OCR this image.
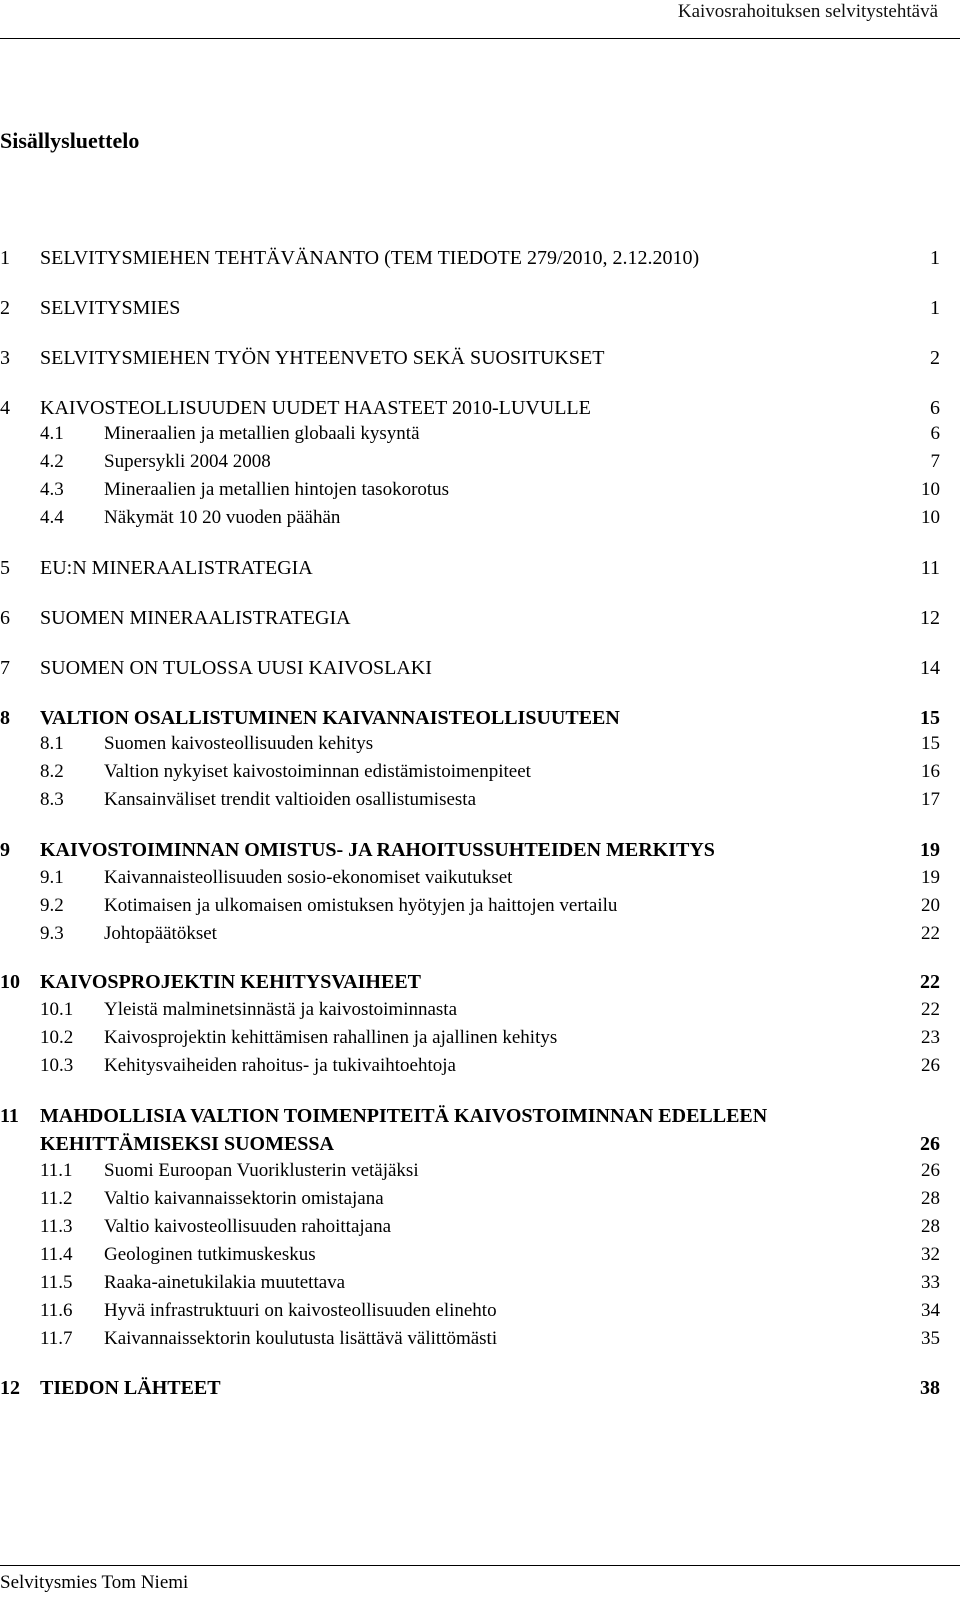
Kaivosrahoituksen selvitystehtävä
Sisällysluettelo
1 SELVITYSMIEHEN TEHTÄVÄNANTO (TEM TIEDOTE 279/2010, 2.12.2010)	1
2 SELVITYSMIES	1
3 SELVITYSMIEHEN TYÖN YHTEENVETO SEKÄ SUOSITUKSET	2
4 KAIVOSTEOLLISUUDEN UUDET HAASTEET 2010-LUVULLE	6
4.1 Mineraalien ja metallien globaali kysyntä	6
4.2 Supersykli 2004 2008	7
4.3 Mineraalien ja metallien hintojen tasokorotus	10
4.4 Näkymät 10 20 vuoden päähän	10
5 EU:N MINERAALISTRATEGIA	11
6 SUOMEN MINERAALISTRATEGIA	12
7 SUOMEN ON TULOSSA UUSI KAIVOSLAKI	14
8 VALTION OSALLISTUMINEN KAIVANNAISTEOLLISUUTEEN	15
8.1 Suomen kaivosteollisuuden kehitys	15
8.2 Valtion nykyiset kaivostoiminnan edistämistoimenpiteet	16
8.3 Kansainväliset trendit valtioiden osallistumisesta	17
9 KAIVOSTOIMINNAN OMISTUS- JA RAHOITUSSUHTEIDEN MERKITYS	19
9.1 Kaivannaisteollisuuden sosio-ekonomiset vaikutukset	19
9.2 Kotimaisen ja ulkomaisen omistuksen hyötyjen ja haittojen vertailu	20
9.3 Johtopäätökset	22
10 KAIVOSPROJEKTIN KEHITYSVAIHEET	22
10.1 Yleistä malminetsinnästä ja kaivostoiminnasta	22
10.2 Kaivosprojektin kehittämisen rahallinen ja ajallinen kehitys	23
10.3 Kehitysvaiheiden rahoitus- ja tukivaihtoehtoja	26
11 MAHDOLLISIA VALTION TOIMENPITEITÄ KAIVOSTOIMINNAN EDELLEEN KEHITTÄMISEKSI SUOMESSA	26
11.1 Suomi Euroopan Vuoriklusterin vetäjäksi	26
11.2 Valtio kaivannaissektorin omistajana	28
11.3 Valtio kaivosteollisuuden rahoittajana	28
11.4 Geologinen tutkimuskeskus	32
11.5 Raaka-ainetukilakia muutettava	33
11.6 Hyvä infrastruktuuri on kaivosteollisuuden elinehto	34
11.7 Kaivannaissektorin koulutusta lisättävä välittömästi	35
12 TIEDON LÄHTEET	38
Selvitysmies Tom Niemi
